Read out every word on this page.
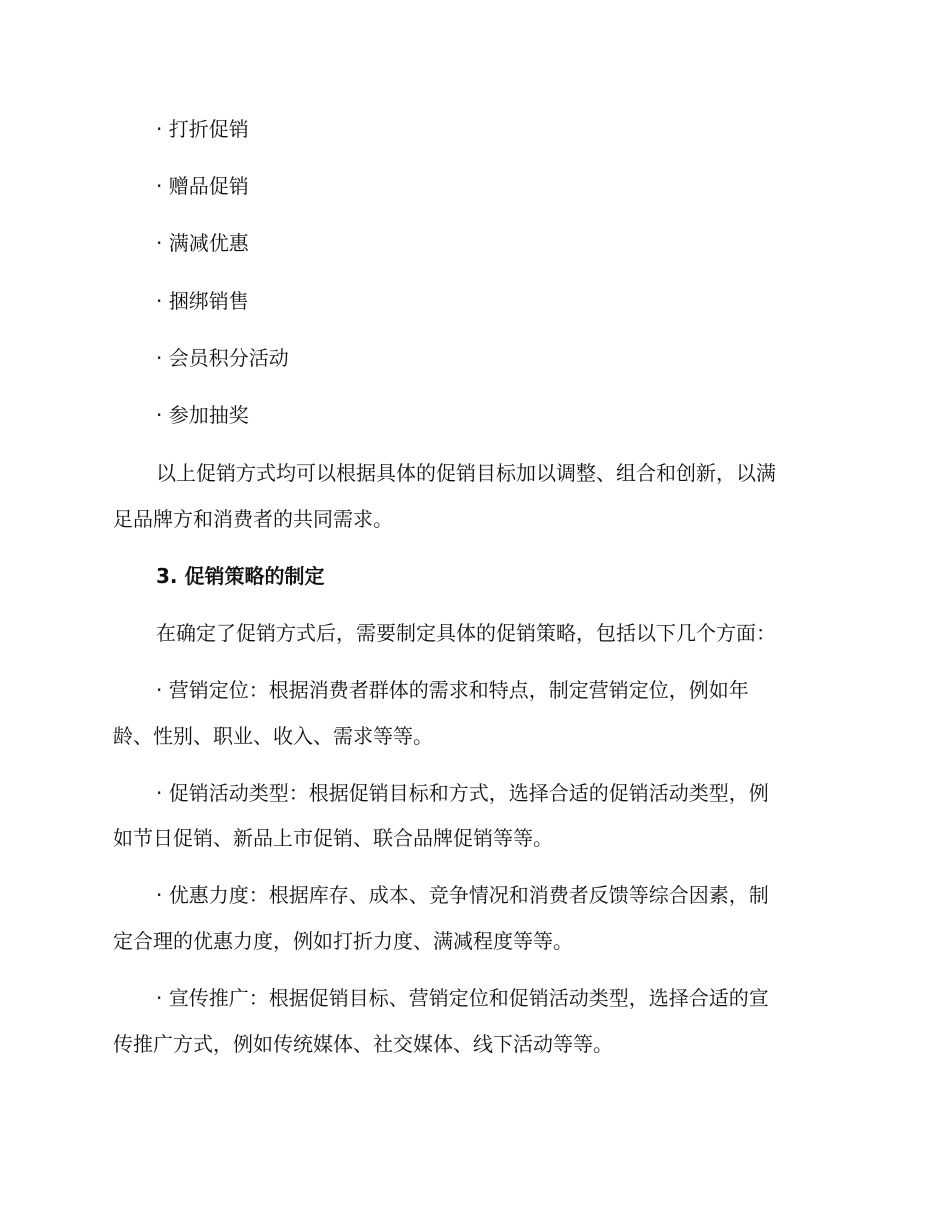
· 打折促销
· 赠品促销
· 满减优惠
· 捆绑销售
· 会员积分活动
· 参加抽奖
以上促销方式均可以根据具体的促销目标加以调整、组合和创新，以满
足品牌方和消费者的共同需求。
3. 促销策略的制定
在确定了促销方式后，需要制定具体的促销策略，包括以下几个方面：
· 营销定位：根据消费者群体的需求和特点，制定营销定位，例如年
龄、性别、职业、收入、需求等等。
· 促销活动类型：根据促销目标和方式，选择合适的促销活动类型，例
如节日促销、新品上市促销、联合品牌促销等等。
· 优惠力度：根据库存、成本、竞争情况和消费者反馈等综合因素，制
定合理的优惠力度，例如打折力度、满减程度等等。
· 宣传推广：根据促销目标、营销定位和促销活动类型，选择合适的宣
传推广方式，例如传统媒体、社交媒体、线下活动等等。
